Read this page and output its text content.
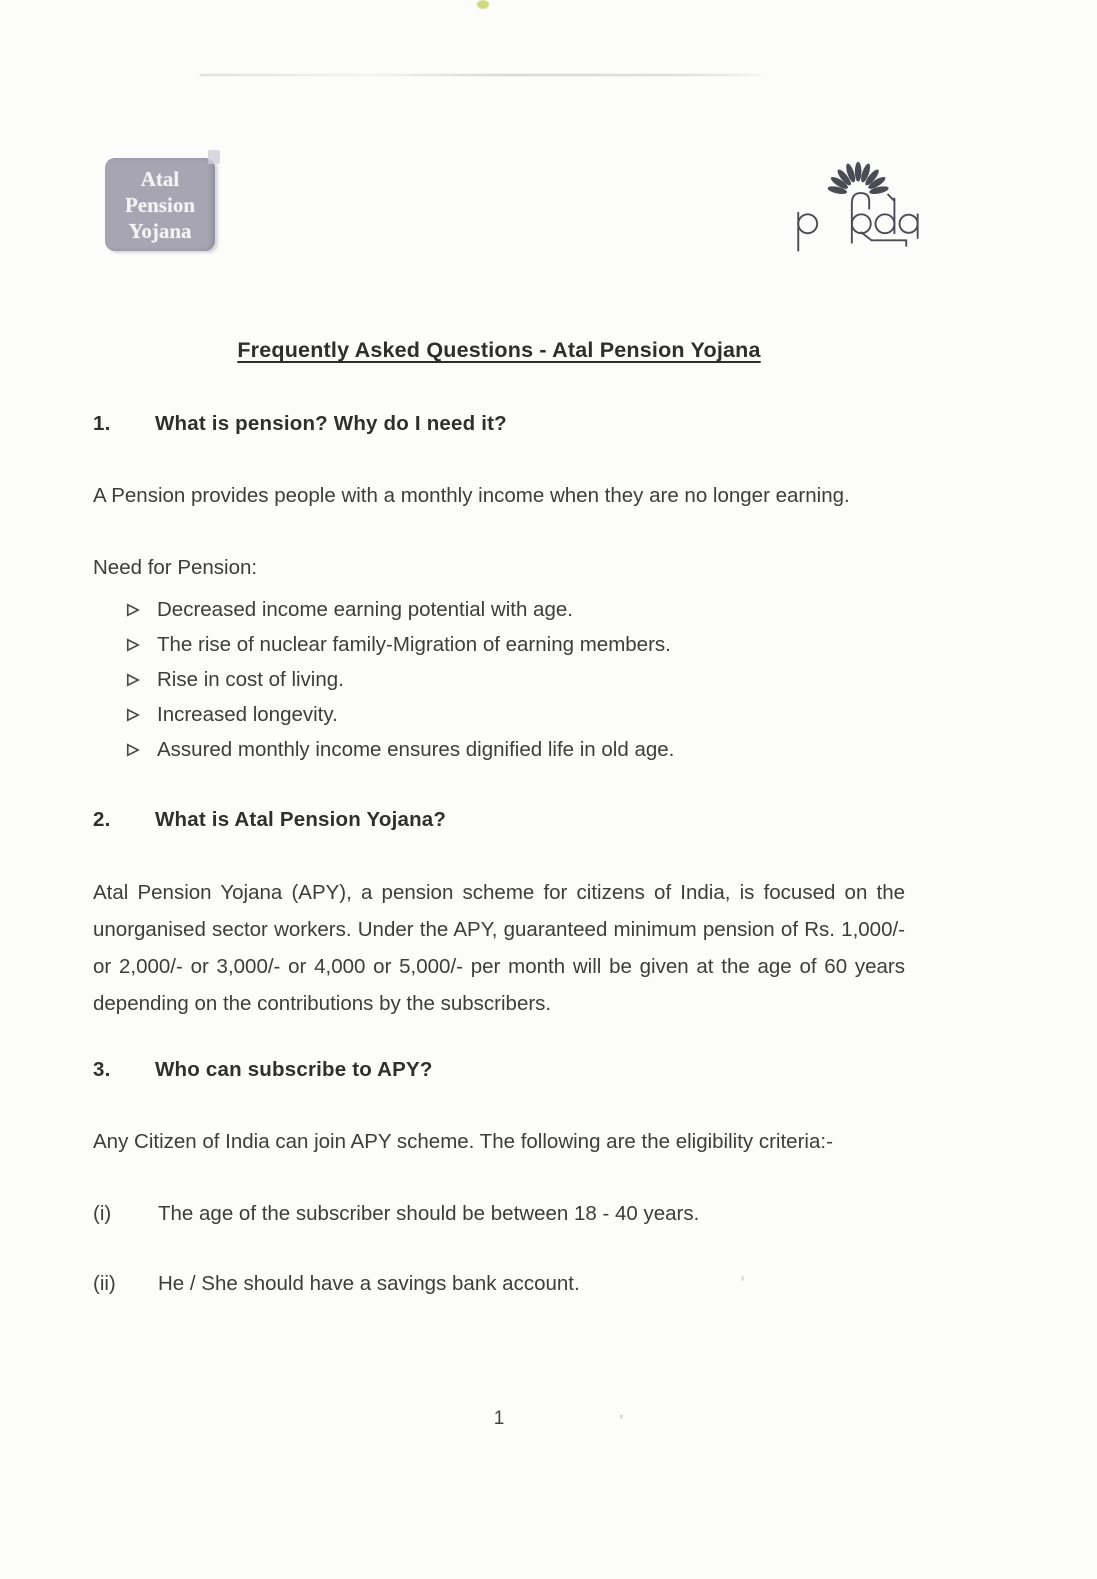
Atal
Pension
Yojana
Frequently Asked Questions - Atal Pension Yojana
1.	What is pension? Why do I need it?

A Pension provides people with a monthly income when they are no longer earning.

Need for Pension:
Decreased income earning potential with age.
The rise of nuclear family-Migration of earning members.
Rise in cost of living.
Increased longevity.
Assured monthly income ensures dignified life in old age.
2.	What is Atal Pension Yojana?

Atal Pension Yojana (APY), a pension scheme for citizens of India, is focused on the unorganised sector workers. Under the APY, guaranteed minimum pension of Rs. 1,000/- or 2,000/- or 3,000/- or 4,000 or 5,000/- per month will be given at the age of 60 years depending on the contributions by the subscribers.

3.	Who can subscribe to APY?

Any Citizen of India can join APY scheme. The following are the eligibility criteria:-

(i)	The age of the subscriber should be between 18 - 40 years.
(ii)	He / She should have a savings bank account.
1
